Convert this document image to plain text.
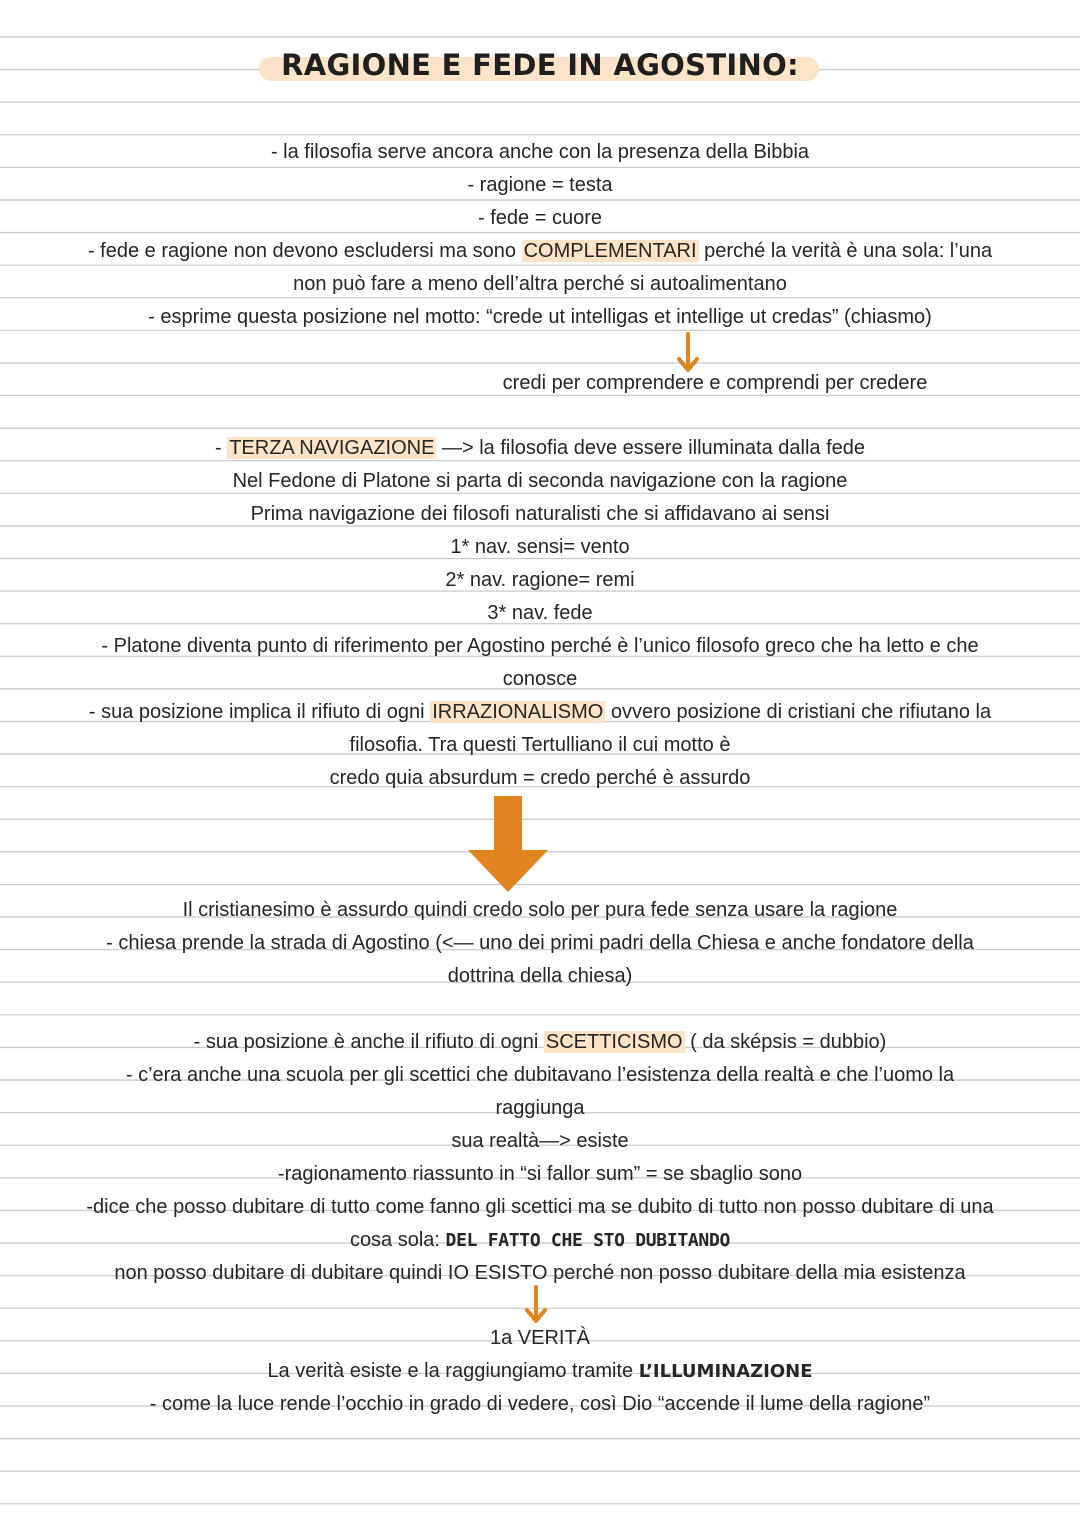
RAGIONE E FEDE IN AGOSTINO:
- la filosofia serve ancora anche con la presenza della Bibbia
- ragione = testa
- fede = cuore
- fede e ragione non devono escludersi ma sono COMPLEMENTARI perché la verità è una sola: l’una
non può fare a meno dell’altra perché si autoalimentano
- esprime questa posizione nel motto: “crede ut intelligas et intellige ut credas” (chiasmo)
credi per comprendere e comprendi per credere
- TERZA NAVIGAZIONE —> la filosofia deve essere illuminata dalla fede
Nel Fedone di Platone si parta di seconda navigazione con la ragione
Prima navigazione dei filosofi naturalisti che si affidavano ai sensi
1* nav. sensi= vento
2* nav. ragione= remi
3* nav. fede
- Platone diventa punto di riferimento per Agostino perché è l’unico filosofo greco che ha letto e che
conosce
- sua posizione implica il rifiuto di ogni IRRAZIONALISMO ovvero posizione di cristiani che rifiutano la
filosofia. Tra questi Tertulliano il cui motto è
credo quia absurdum = credo perché è assurdo
Il cristianesimo è assurdo quindi credo solo per pura fede senza usare la ragione
- chiesa prende la strada di Agostino (<— uno dei primi padri della Chiesa e anche fondatore della
dottrina della chiesa)
- sua posizione è anche il rifiuto di ogni SCETTICISMO ( da sképsis = dubbio)
- c’era anche una scuola per gli scettici che dubitavano l’esistenza della realtà e che l’uomo la
raggiunga
sua realtà—> esiste
-ragionamento riassunto in “si fallor sum” = se sbaglio sono
-dice che posso dubitare di tutto come fanno gli scettici ma se dubito di tutto non posso dubitare di una
cosa sola: DEL FATTO CHE STO DUBITANDO
non posso dubitare di dubitare quindi IO ESISTO perché non posso dubitare della mia esistenza
1a VERITÀ
La verità esiste e la raggiungiamo tramite L’ILLUMINAZIONE
- come la luce rende l’occhio in grado di vedere, così Dio “accende il lume della ragione”
